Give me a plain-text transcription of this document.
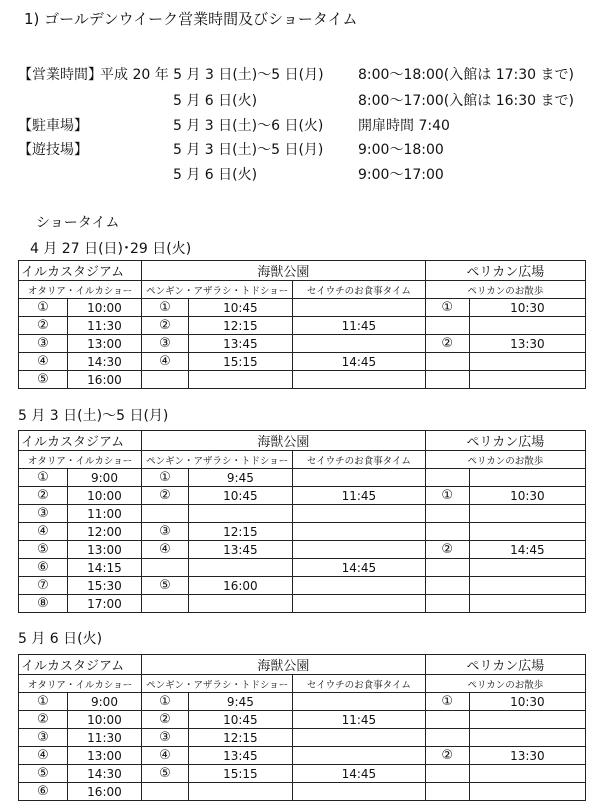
1) ゴールデンウイーク営業時間及びショータイム
【営業時間】
平成 20 年 5 月 3 日(土)～5 日(月) 8:00～18:00(入館は 17:30 まで)
5 月 6 日(火)	8:00～17:00(入館は 16:30 まで)
【駐車場】	5 月 3 日(土)～6 日(火) 開扉時間 7:40
【遊技場】	5 月 3 日(土)～5 日(月) 9:00～18:00
5 月 6 日(火)	9:00～17:00
ショータイム
4 月 27 日(日)･29 日(火)
イルカスタジアム		海獣公園			ペリカン広場	
オタリア・イルカショー		ペンギン・アザラシ・トドショー		セイウチのお食事タイム	ペリカンのお散歩	
①	10:00	①	10:45		①	10:30
②	11:30	②	12:15	11:45		
③	13:00	③	13:45		②	13:30
④	14:30	④	15:15	14:45		
⑤	16:00					
5 月 3 日(土)～5 日(月)
イルカスタジアム		海獣公園			ペリカン広場	
オタリア・イルカショー		ペンギン・アザラシ・トドショー		セイウチのお食事タイム	ペリカンのお散歩	
①	9:00	①	9:45			
②	10:00	②	10:45	11:45	①	10:30
③	11:00					
④	12:00	③	12:15			
⑤	13:00	④	13:45		②	14:45
⑥	14:15			14:45		
⑦	15:30	⑤	16:00			
⑧	17:00					
5 月 6 日(火)
イルカスタジアム		海獣公園			ペリカン広場	
オタリア・イルカショー		ペンギン・アザラシ・トドショー		セイウチのお食事タイム	ペリカンのお散歩	
①	9:00	①	9:45		①	10:30
②	10:00	②	10:45	11:45		
③	11:30	③	12:15			
④	13:00	④	13:45		②	13:30
⑤	14:30	⑤	15:15	14:45		
⑥	16:00					
